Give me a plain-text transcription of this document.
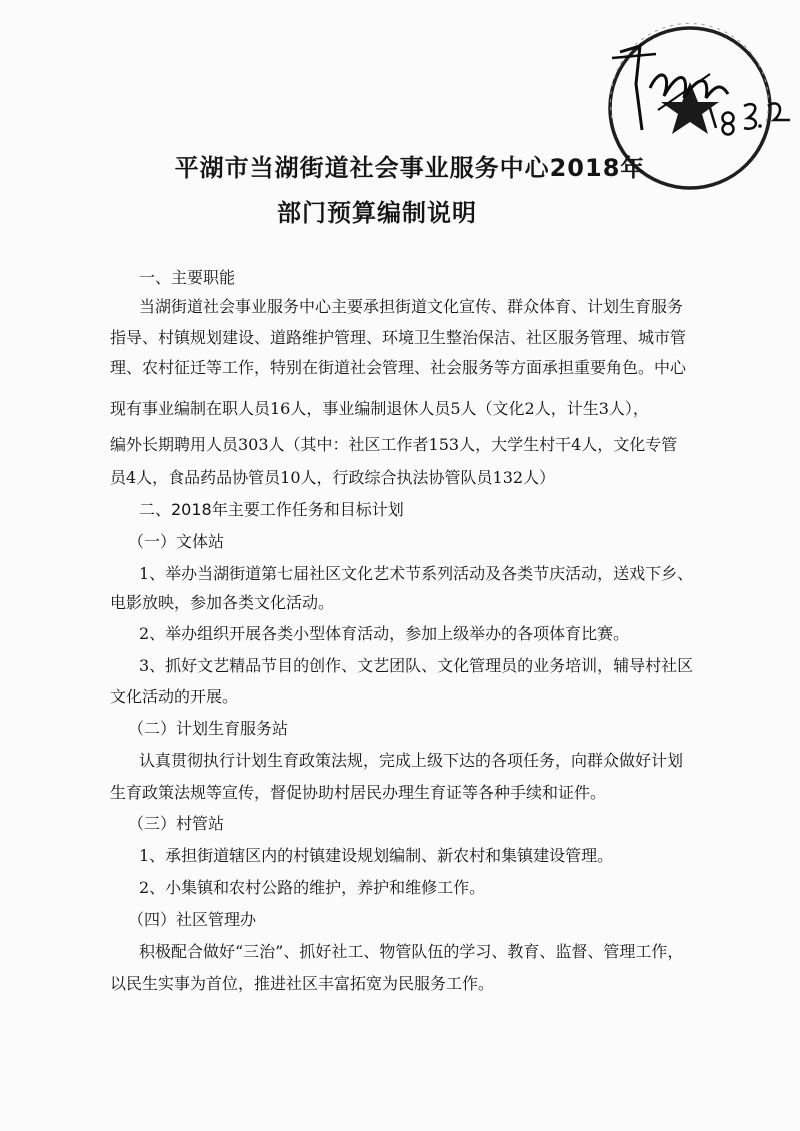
平湖市当湖街道社会事业服务中心2018年
部门预算编制说明

一、主要职能

当湖街道社会事业服务中心主要承担街道文化宣传、群众体育、计划生育服务

指导、村镇规划建设、道路维护管理、环境卫生整治保洁、社区服务管理、城市管

理、农村征迁等工作，特别在街道社会管理、社会服务等方面承担重要角色。中心

现有事业编制在职人员16人，事业编制退休人员5人（文化2人，计生3人），

编外长期聘用人员303人（其中：社区工作者153人，大学生村干4人，文化专管

员4人，食品药品协管员10人，行政综合执法协管队员132人）

二、2018年主要工作任务和目标计划

（一）文体站

1、举办当湖街道第七届社区文化艺术节系列活动及各类节庆活动，送戏下乡、

电影放映，参加各类文化活动。

2、举办组织开展各类小型体育活动，参加上级举办的各项体育比赛。

3、抓好文艺精品节目的创作、文艺团队、文化管理员的业务培训，辅导村社区

文化活动的开展。

（二）计划生育服务站

认真贯彻执行计划生育政策法规，完成上级下达的各项任务，向群众做好计划

生育政策法规等宣传，督促协助村居民办理生育证等各种手续和证件。

（三）村管站

1、承担街道辖区内的村镇建设规划编制、新农村和集镇建设管理。

2、小集镇和农村公路的维护，养护和维修工作。

（四）社区管理办

积极配合做好“三治”、抓好社工、物管队伍的学习、教育、监督、管理工作，

以民生实事为首位，推进社区丰富拓宽为民服务工作。
